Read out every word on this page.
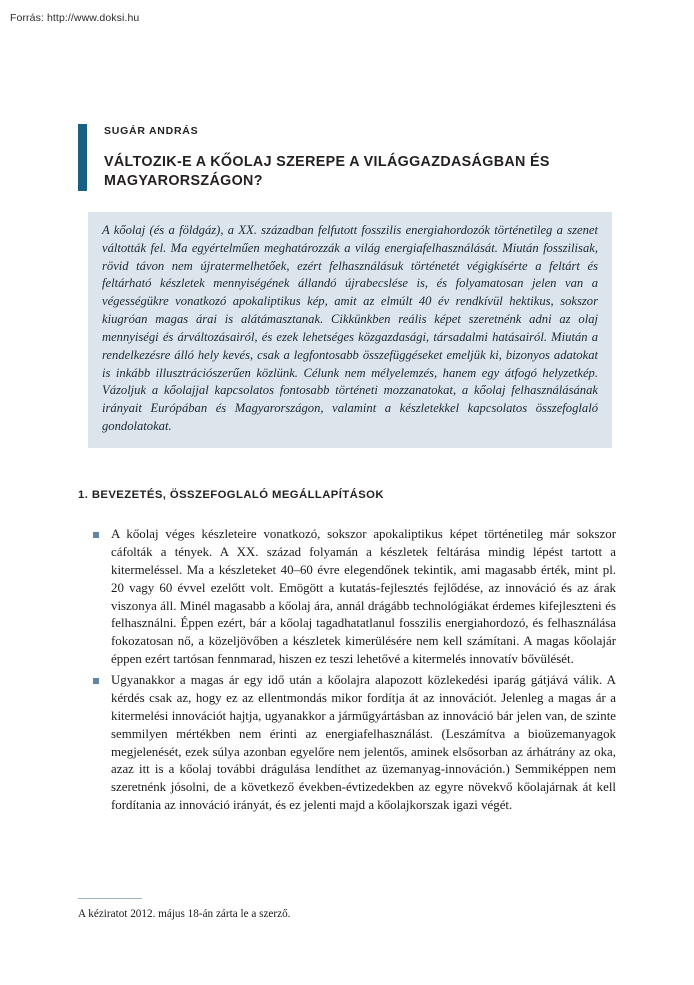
Forrás: http://www.doksi.hu

SUGÁR ANDRÁS

VÁLTOZIK-E A KŐOLAJ SZEREPE A VILÁGGAZDASÁGBAN ÉS MAGYARORSZÁGON?

A kőolaj (és a földgáz), a XX. században felfutott fosszilis energiahordozók történetileg a szenet váltották fel. Ma egyértelműen meghatározzák a világ energiafelhasználását. Miután fosszilisak, rövid távon nem újratermelhetőek, ezért felhasználásuk történetét végigkísérte a feltárt és feltárható készletek mennyiségének állandó újrabecslése is, és folyamatosan jelen van a végességükre vonatkozó apokaliptikus kép, amit az elmúlt 40 év rendkívül hektikus, sokszor kiugróan magas árai is alátámasztanak. Cikkünkben reális képet szeretnénk adni az olaj mennyiségi és árváltozásairól, és ezek lehetséges közgazdasági, társadalmi hatásairól. Miután a rendelkezésre álló hely kevés, csak a legfontosabb összefüggéseket emeljük ki, bizonyos adatokat is inkább illusztrációszerűen közlünk. Célunk nem mélyelemzés, hanem egy átfogó helyzetkép. Vázoljuk a kőolajjal kapcsolatos fontosabb történeti mozzanatokat, a kőolaj felhasználásának irányait Európában és Magyarországon, valamint a készletekkel kapcsolatos összefoglaló gondolatokat.

1. BEVEZETÉS, ÖSSZEFOGLALÓ MEGÁLLAPÍTÁSOK
A kőolaj véges készleteire vonatkozó, sokszor apokaliptikus képet történetileg már sokszor cáfolták a tények. A XX. század folyamán a készletek feltárása mindig lépést tartott a kitermeléssel. Ma a készleteket 40–60 évre elegendőnek tekintik, ami magasabb érték, mint pl. 20 vagy 60 évvel ezelőtt volt. Emögött a kutatás-fejlesztés fejlődése, az innováció és az árak viszonya áll. Minél magasabb a kőolaj ára, annál drágább technológiákat érdemes kifejleszteni és felhasználni. Éppen ezért, bár a kőolaj tagadhatatlanul fosszilis energiahordozó, és felhasználása fokozatosan nő, a közeljövőben a készletek kimerülésére nem kell számítani. A magas kőolajár éppen ezért tartósan fennmarad, hiszen ez teszi lehetővé a kitermelés innovatív bővülését.
Ugyanakkor a magas ár egy idő után a kőolajra alapozott közlekedési iparág gátjává válik. A kérdés csak az, hogy ez az ellentmondás mikor fordítja át az innovációt. Jelenleg a magas ár a kitermelési innovációt hajtja, ugyanakkor a járműgyártásban az innováció bár jelen van, de szinte semmilyen mértékben nem érinti az energiafelhasználást. (Leszámítva a bioüzemanyagok megjelenését, ezek súlya azonban egyelőre nem jelentős, aminek elsősorban az árhátrány az oka, azaz itt is a kőolaj további drágulása lendíthet az üzemanyag-innováción.) Semmiképpen nem szeretnénk jósolni, de a következő években-évtizedekben az egyre növekvő kőolajárnak át kell fordítania az innováció irányát, és ez jelenti majd a kőolajkorszak igazi végét.

A kéziratot 2012. május 18-án zárta le a szerző.
